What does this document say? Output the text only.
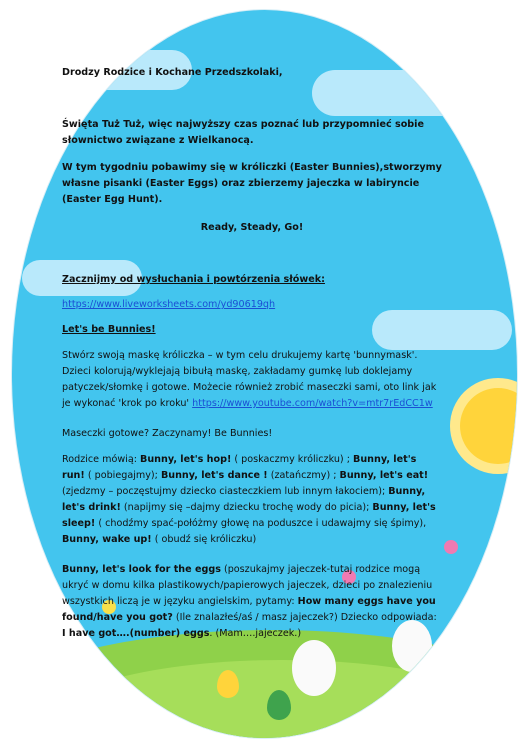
Drodzy Rodzice i Kochane Przedszkolaki,

Święta Tuż Tuż, więc najwyższy czas poznać lub przypomnieć sobie słownictwo związane z Wielkanocą.

W tym tygodniu pobawimy się w króliczki (Easter Bunnies),stworzymy własne pisanki (Easter Eggs) oraz zbierzemy jajeczka w labiryncie (Easter Egg Hunt).

Ready, Steady, Go!

Zacznijmy od wysłuchania i powtórzenia słówek:

https://www.liveworksheets.com/yd90619qh

Let's be Bunnies!

Stwórz swoją maskę króliczka – w tym celu drukujemy kartę 'bunnymask'. Dzieci kolorują/wyklejają bibułą maskę, zakładamy gumkę lub doklejamy patyczek/słomkę i gotowe. Możecie również zrobić maseczki sami, oto link jak je wykonać 'krok po kroku' https://www.youtube.com/watch?v=mtr7rEdCC1w

Maseczki gotowe? Zaczynamy! Be Bunnies!

Rodzice mówią: Bunny, let's hop! ( poskaczmy króliczku) ; Bunny, let's run! ( pobiegajmy); Bunny, let's dance ! (zatańczmy) ; Bunny, let's eat! (zjedzmy – poczęstujmy dziecko ciasteczkiem lub innym łakociem); Bunny, let's drink! (napijmy się –dajmy dziecku trochę wody do picia); Bunny, let's sleep! ( chodźmy spać-połóżmy głowę na poduszce i udawajmy się śpimy), Bunny, wake up! ( obudź się króliczku)

Bunny, let's look for the eggs (poszukajmy jajeczek-tutaj rodzice mogą ukryć w domu kilka plastikowych/papierowych jajeczek, dzieci po znalezieniu wszystkich liczą je w języku angielskim, pytamy: How many eggs have you found/have you got? (Ile znalazłeś/aś / masz jajeczek?) Dziecko odpowiada: I have got….(number) eggs. (Mam….jajeczek.)
